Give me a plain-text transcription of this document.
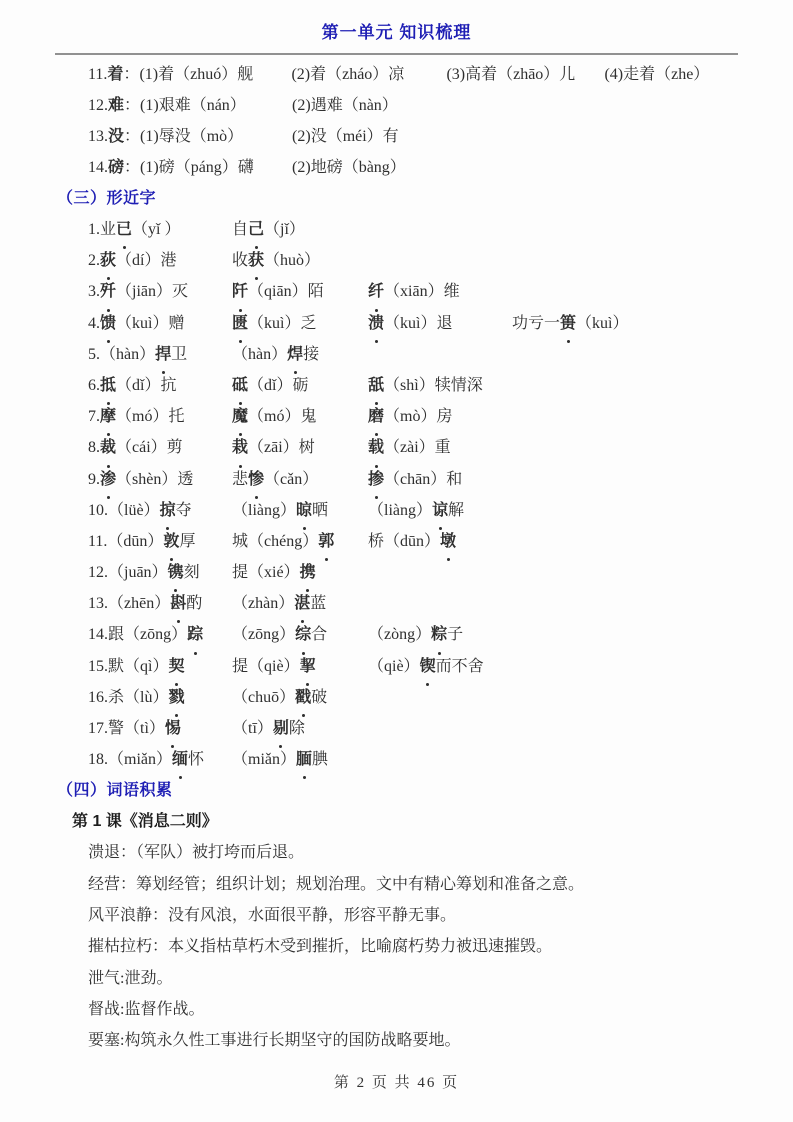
第一单元 知识梳理
11.着： (1)着（zhuó）舰	(2)着（zháo）凉	(3)高着（zhāo）儿	(4)走着（zhe）
12.难： (1)艰难（nán）	(2)遇难（nàn）
13.没： (1)辱没（mò）	(2)没（méi）有
14.磅： (1)磅（páng）礴	(2)地磅（bàng）
（三）形近字
1.业已（yǐ ）	自己（jǐ）
2.荻（dí）港	收获（huò）
3.歼（jiān）灭	阡（qiān）陌	纤（xiān）维
4.馈（kuì）赠	匮（kuì）乏	溃（kuì）退	功亏一篑（kuì）
5.（hàn）捍卫	（hàn）焊接
6.抵（dǐ）抗	砥（dǐ）砺	舐（shì）犊情深
7.摩（mó）托	魔（mó）鬼	磨（mò）房
8.裁（cái）剪	栽（zāi）树	载（zài）重
9.渗（shèn）透	悲惨（cǎn）	掺（chān）和
10.（lüè）掠夺	（liàng）晾晒	（liàng）谅解
11.（dūn）敦厚	城（chéng）郭	桥（dūn）墩
12.（juān）镌刻	提（xié）携
13.（zhēn）斟酌	（zhàn）湛蓝
14.跟（zōng）踪	（zōng）综合	（zòng）粽子
15.默（qì）契	提（qiè）挈	（qiè）锲而不舍
16.杀（lù）戮	（chuō）戳破
17.警（tì）惕	（tī）剔除
18.（miǎn）缅怀	（miǎn）腼腆
（四）词语积累
第 1 课《消息二则》
溃退：（军队）被打垮而后退。
经营：筹划经管；组织计划；规划治理。文中有精心筹划和准备之意。
风平浪静：没有风浪，水面很平静，形容平静无事。
摧枯拉朽：本义指枯草朽木受到摧折，比喻腐朽势力被迅速摧毁。
泄气:泄劲。
督战:监督作战。
要塞:构筑永久性工事进行长期坚守的国防战略要地。
第 2 页 共 46 页
